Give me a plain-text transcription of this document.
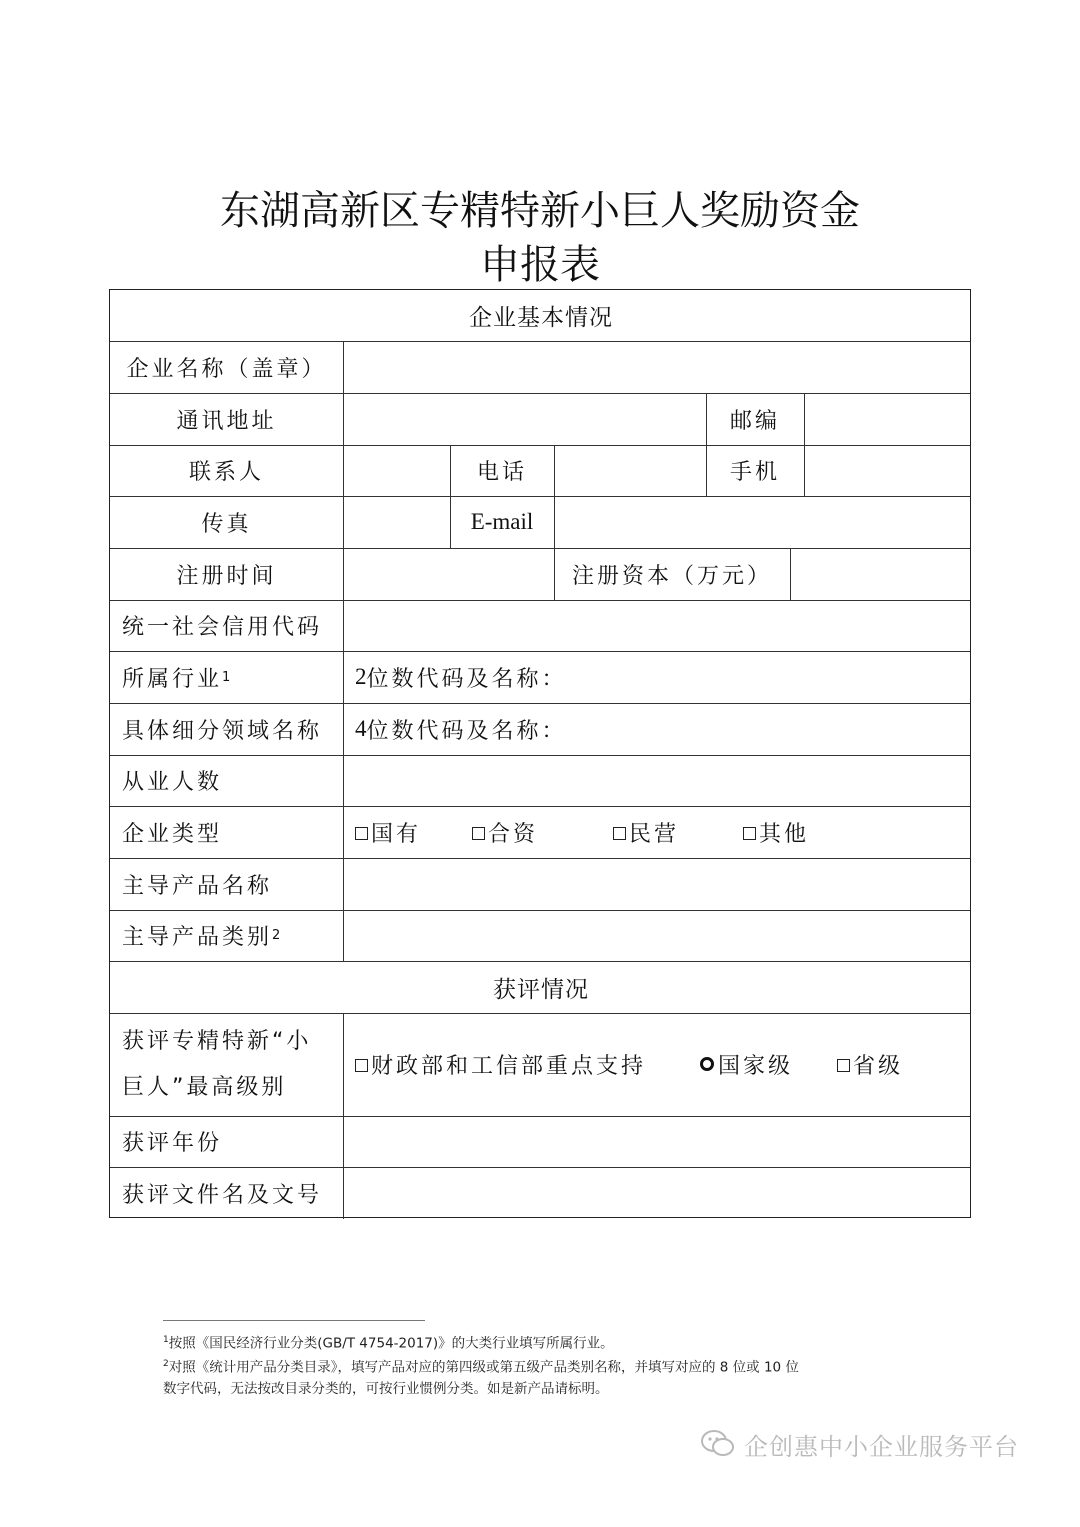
东湖高新区专精特新小巨人奖励资金
申报表
企业基本情况
企业名称（盖章）
通讯地址	邮编
联系人	电话	手机
传真	E-mail
注册时间	注册资本（万元）
统一社会信用代码
所属行业 1	2 位数代码及名称：
具体细分领域名称	4 位数代码及名称：
从业人数
企业类型	国有	合资	民营	其他
主导产品名称
主导产品类别 2
获评情况
获评专精特新“小巨人”最高级别
财政部和工信部重点支持	国家级	省级
获评年份
获评文件名及文号
$^1$按照《国民经济行业分类(GB/T 4754-2017)》的大类行业填写所属行业。
$^2$对照《统计用产品分类目录》，填写产品对应的第四级或第五级产品类别名称，并填写对应的 8 位或 10 位
数字代码，无法按改目录分类的，可按行业惯例分类。如是新产品请标明。
企创惠中小企业服务平台
